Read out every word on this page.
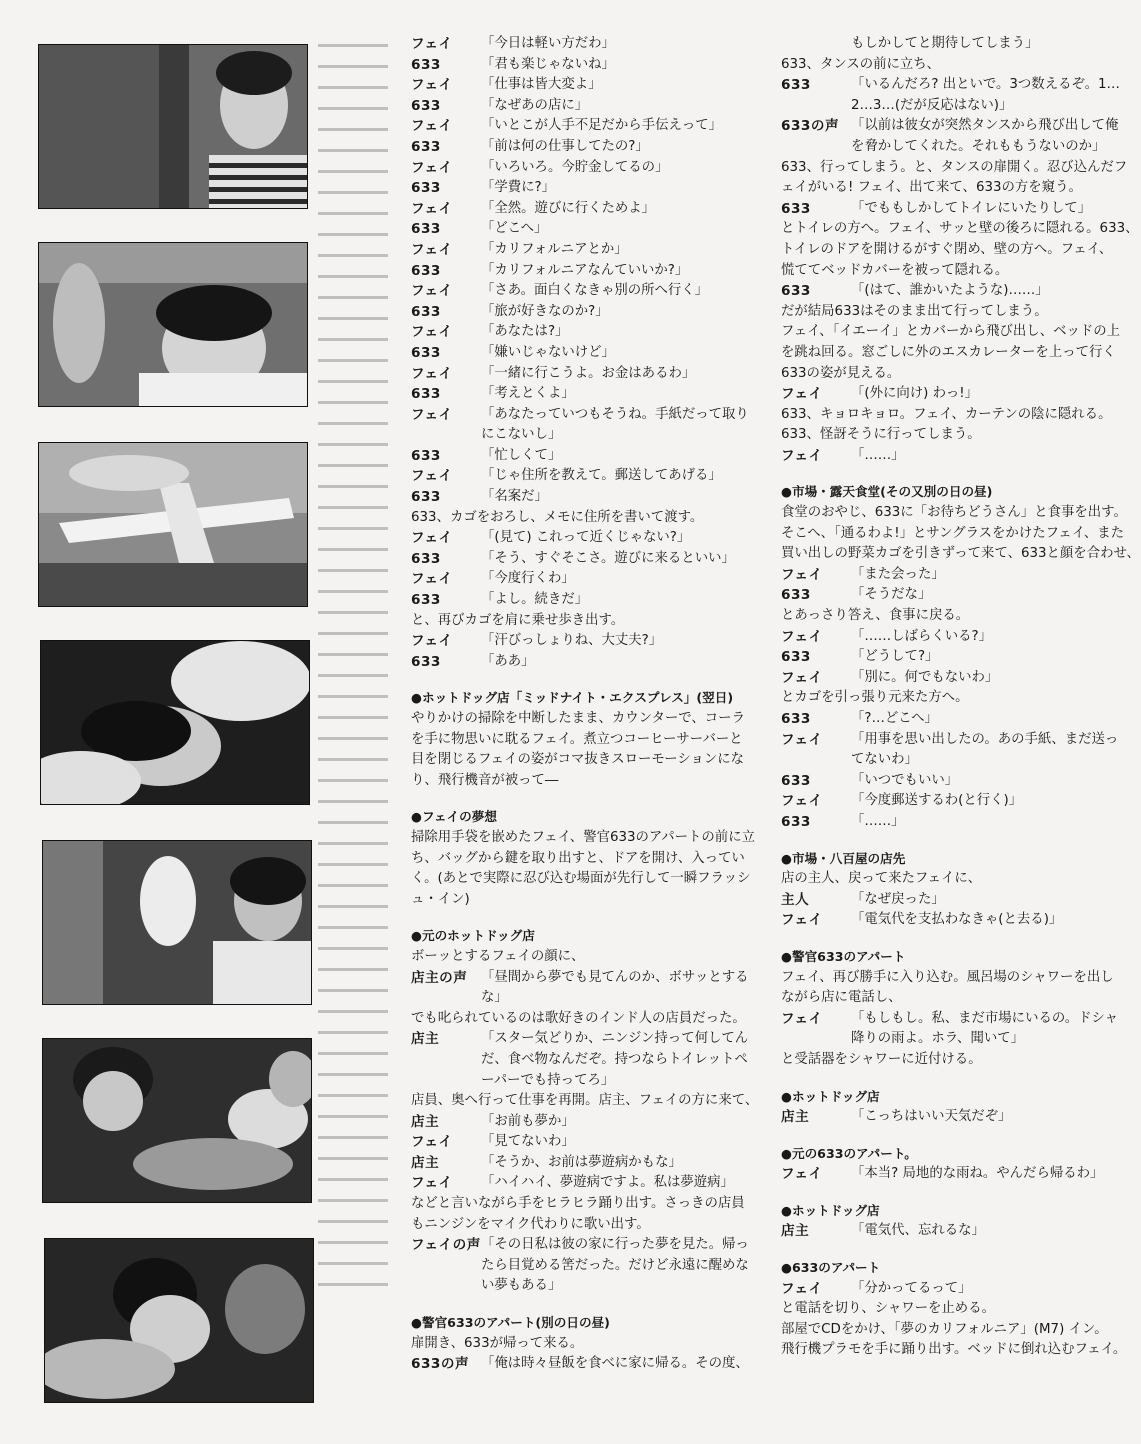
フェイ	「今日は軽い方だわ」
633	「君も楽じゃないね」
フェイ	「仕事は皆大変よ」
633	「なぜあの店に」
フェイ	「いとこが人手不足だから手伝えって」
633	「前は何の仕事してたの?」
フェイ	「いろいろ。今貯金してるの」
633	「学費に?」
フェイ	「全然。遊びに行くためよ」
633	「どこへ」
フェイ	「カリフォルニアとか」
633	「カリフォルニアなんていいか?」
フェイ	「さあ。面白くなきゃ別の所へ行く」
633	「旅が好きなのか?」
フェイ	「あなたは?」
633	「嫌いじゃないけど」
フェイ	「一緒に行こうよ。お金はあるわ」
633	「考えとくよ」
フェイ	「あなたっていつもそうね。手紙だって取り
にこないし」
633	「忙しくて」
フェイ	「じゃ住所を教えて。郵送してあげる」
633	「名案だ」
633、カゴをおろし、メモに住所を書いて渡す。
フェイ	「(見て) これって近くじゃない?」
633	「そう、すぐそこさ。遊びに来るといい」
フェイ	「今度行くわ」
633	「よし。続きだ」
と、再びカゴを肩に乗せ歩き出す。
フェイ	「汗びっしょりね、大丈夫?」
633	「ああ」
●ホットドッグ店「ミッドナイト・エクスプレス」(翌日)
やりかけの掃除を中断したまま、カウンターで、コーラ
を手に物思いに耽るフェイ。煮立つコーヒーサーバーと
目を閉じるフェイの姿がコマ抜きスローモーションにな
り、飛行機音が被って―
●フェイの夢想
掃除用手袋を嵌めたフェイ、警官633のアパートの前に立
ち、バッグから鍵を取り出すと、ドアを開け、入ってい
く。(あとで実際に忍び込む場面が先行して一瞬フラッシ
ュ・イン)
●元のホットドッグ店
ボーッとするフェイの顔に、
店主の声	「昼間から夢でも見てんのか、ボサッとする
な」
でも叱られているのは歌好きのインド人の店員だった。
店主	「スター気どりか、ニンジン持って何してん
だ、食べ物なんだぞ。持つならトイレットペ
ーパーでも持ってろ」
店員、奥へ行って仕事を再開。店主、フェイの方に来て、
店主	「お前も夢か」
フェイ	「見てないわ」
店主	「そうか、お前は夢遊病かもな」
フェイ	「ハイハイ、夢遊病ですよ。私は夢遊病」
などと言いながら手をヒラヒラ踊り出す。さっきの店員
もニンジンをマイク代わりに歌い出す。
フェイの声 「その日私は彼の家に行った夢を見た。帰っ
たら目覚める筈だった。だけど永遠に醒めな
い夢もある」
●警官633のアパート(別の日の昼)
扉開き、633が帰って来る。
633の声 「俺は時々昼飯を食べに家に帰る。その度、
もしかしてと期待してしまう」
633、タンスの前に立ち、
633	「いるんだろ? 出といで。3つ数えるぞ。1…
2…3…(だが反応はない)」
633の声 「以前は彼女が突然タンスから飛び出して俺
を脅かしてくれた。それももうないのか」
633、行ってしまう。と、タンスの扉開く。忍び込んだフ
ェイがいる! フェイ、出て来て、633の方を窺う。
633	「でももしかしてトイレにいたりして」
とトイレの方へ。フェイ、サッと壁の後ろに隠れる。633、
トイレのドアを開けるがすぐ閉め、壁の方へ。フェイ、
慌ててベッドカバーを被って隠れる。
633	「(はて、誰かいたような)……」
だが結局633はそのまま出て行ってしまう。
フェイ、「イエーイ」とカバーから飛び出し、ベッドの上
を跳ね回る。窓ごしに外のエスカレーターを上って行く
633の姿が見える。
フェイ	「(外に向け) わっ!」
633、キョロキョロ。フェイ、カーテンの陰に隠れる。
633、怪訝そうに行ってしまう。
フェイ	「……」
●市場・露天食堂(その又別の日の昼)
食堂のおやじ、633に「お待ちどうさん」と食事を出す。
そこへ、「通るわよ!」とサングラスをかけたフェイ、また
買い出しの野菜カゴを引きずって来て、633と顔を合わせ、
フェイ	「また会った」
633	「そうだな」
とあっさり答え、食事に戻る。
フェイ	「……しばらくいる?」
633	「どうして?」
フェイ	「別に。何でもないわ」
とカゴを引っ張り元来た方へ。
633	「?…どこへ」
フェイ	「用事を思い出したの。あの手紙、まだ送っ
てないわ」
633	「いつでもいい」
フェイ	「今度郵送するわ(と行く)」
633	「……」
●市場・八百屋の店先
店の主人、戻って来たフェイに、
主人	「なぜ戻った」
フェイ	「電気代を支払わなきゃ(と去る)」
●警官633のアパート
フェイ、再び勝手に入り込む。風呂場のシャワーを出し
ながら店に電話し、
フェイ	「もしもし。私、まだ市場にいるの。ドシャ
降りの雨よ。ホラ、聞いて」
と受話器をシャワーに近付ける。
●ホットドッグ店
店主	「こっちはいい天気だぞ」
●元の633のアパート。
フェイ	「本当? 局地的な雨ね。やんだら帰るわ」
●ホットドッグ店
店主	「電気代、忘れるな」
●633のアパート
フェイ	「分かってるって」
と電話を切り、シャワーを止める。
部屋でCDをかけ、「夢のカリフォルニア」(M7) イン。
飛行機プラモを手に踊り出す。ベッドに倒れ込むフェイ。
